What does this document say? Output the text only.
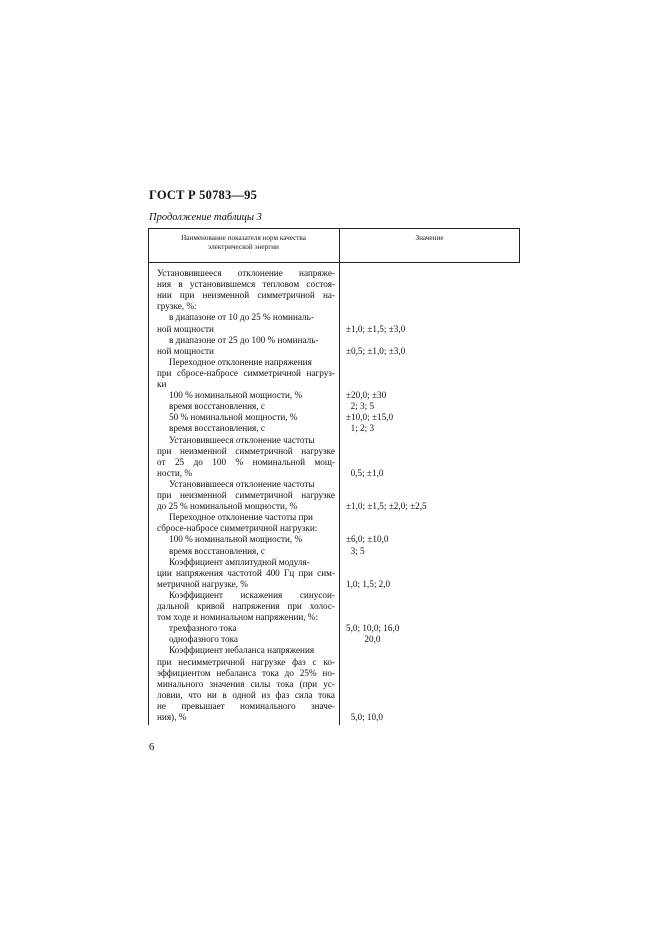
ГОСТ Р 50783—95
Продолжение таблицы 3
Наименование показателя норм качества
электрической энергии
Значение
Установившееся отклонение напряже-
ния в установившемся тепловом состоя-
нии при неизменной симметричной на-
грузке, %:
в диапазоне от 10 до 25 % номиналь-
ной мощности	±1,0; ±1,5; ±3,0
в диапазоне от 25 до 100 % номиналь-
ной мощности	±0,5; ±1,0; ±3,0
Переходное отклонение напряжения
при сбросе-набросе симметричной нагруз-
ки
100 % номинальной мощности, %	±20,0; ±30
время восстановления, с	2; 3; 5
50 % номинальной мощности, %	±10,0; ±15,0
время восстановления, с	1; 2; 3
Установившееся отклонение частоты
при неизменной симметричной нагрузке
от 25 до 100 % номинальной мощ-
ности, %	0,5; ±1,0
Установившееся отклонение частоты
при неизменной симметричной нагрузке
до 25 % номинальной мощности, %	±1,0; ±1,5; ±2,0; ±2,5
Переходное отклонение частоты при
сбросе-набросе симметричной нагрузки:
100 % номинальной мощности, %	±6,0; ±10,0
время восстановления, с	3; 5
Коэффициент амплитудной модуля-
ции напряжения частотой 400 Гц при сим-
метричной нагрузке, %	1,0; 1,5; 2,0
Коэффициент искажения синусои-
дальной кривой напряжения при холос-
том ходе и номинальном напряжении, %:
трехфазного тока	5,0; 10,0; 16,0
однофазного тока	20,0
Коэффициент небаланса напряжения
при несимметричной нагрузке фаз с ко-
эффициентом небаланса тока до 25% но-
минального значения силы тока (при ус-
ловии, что ни в одной из фаз сила тока
не превышает номинального значе-
ния), %	5,0; 10,0
6
